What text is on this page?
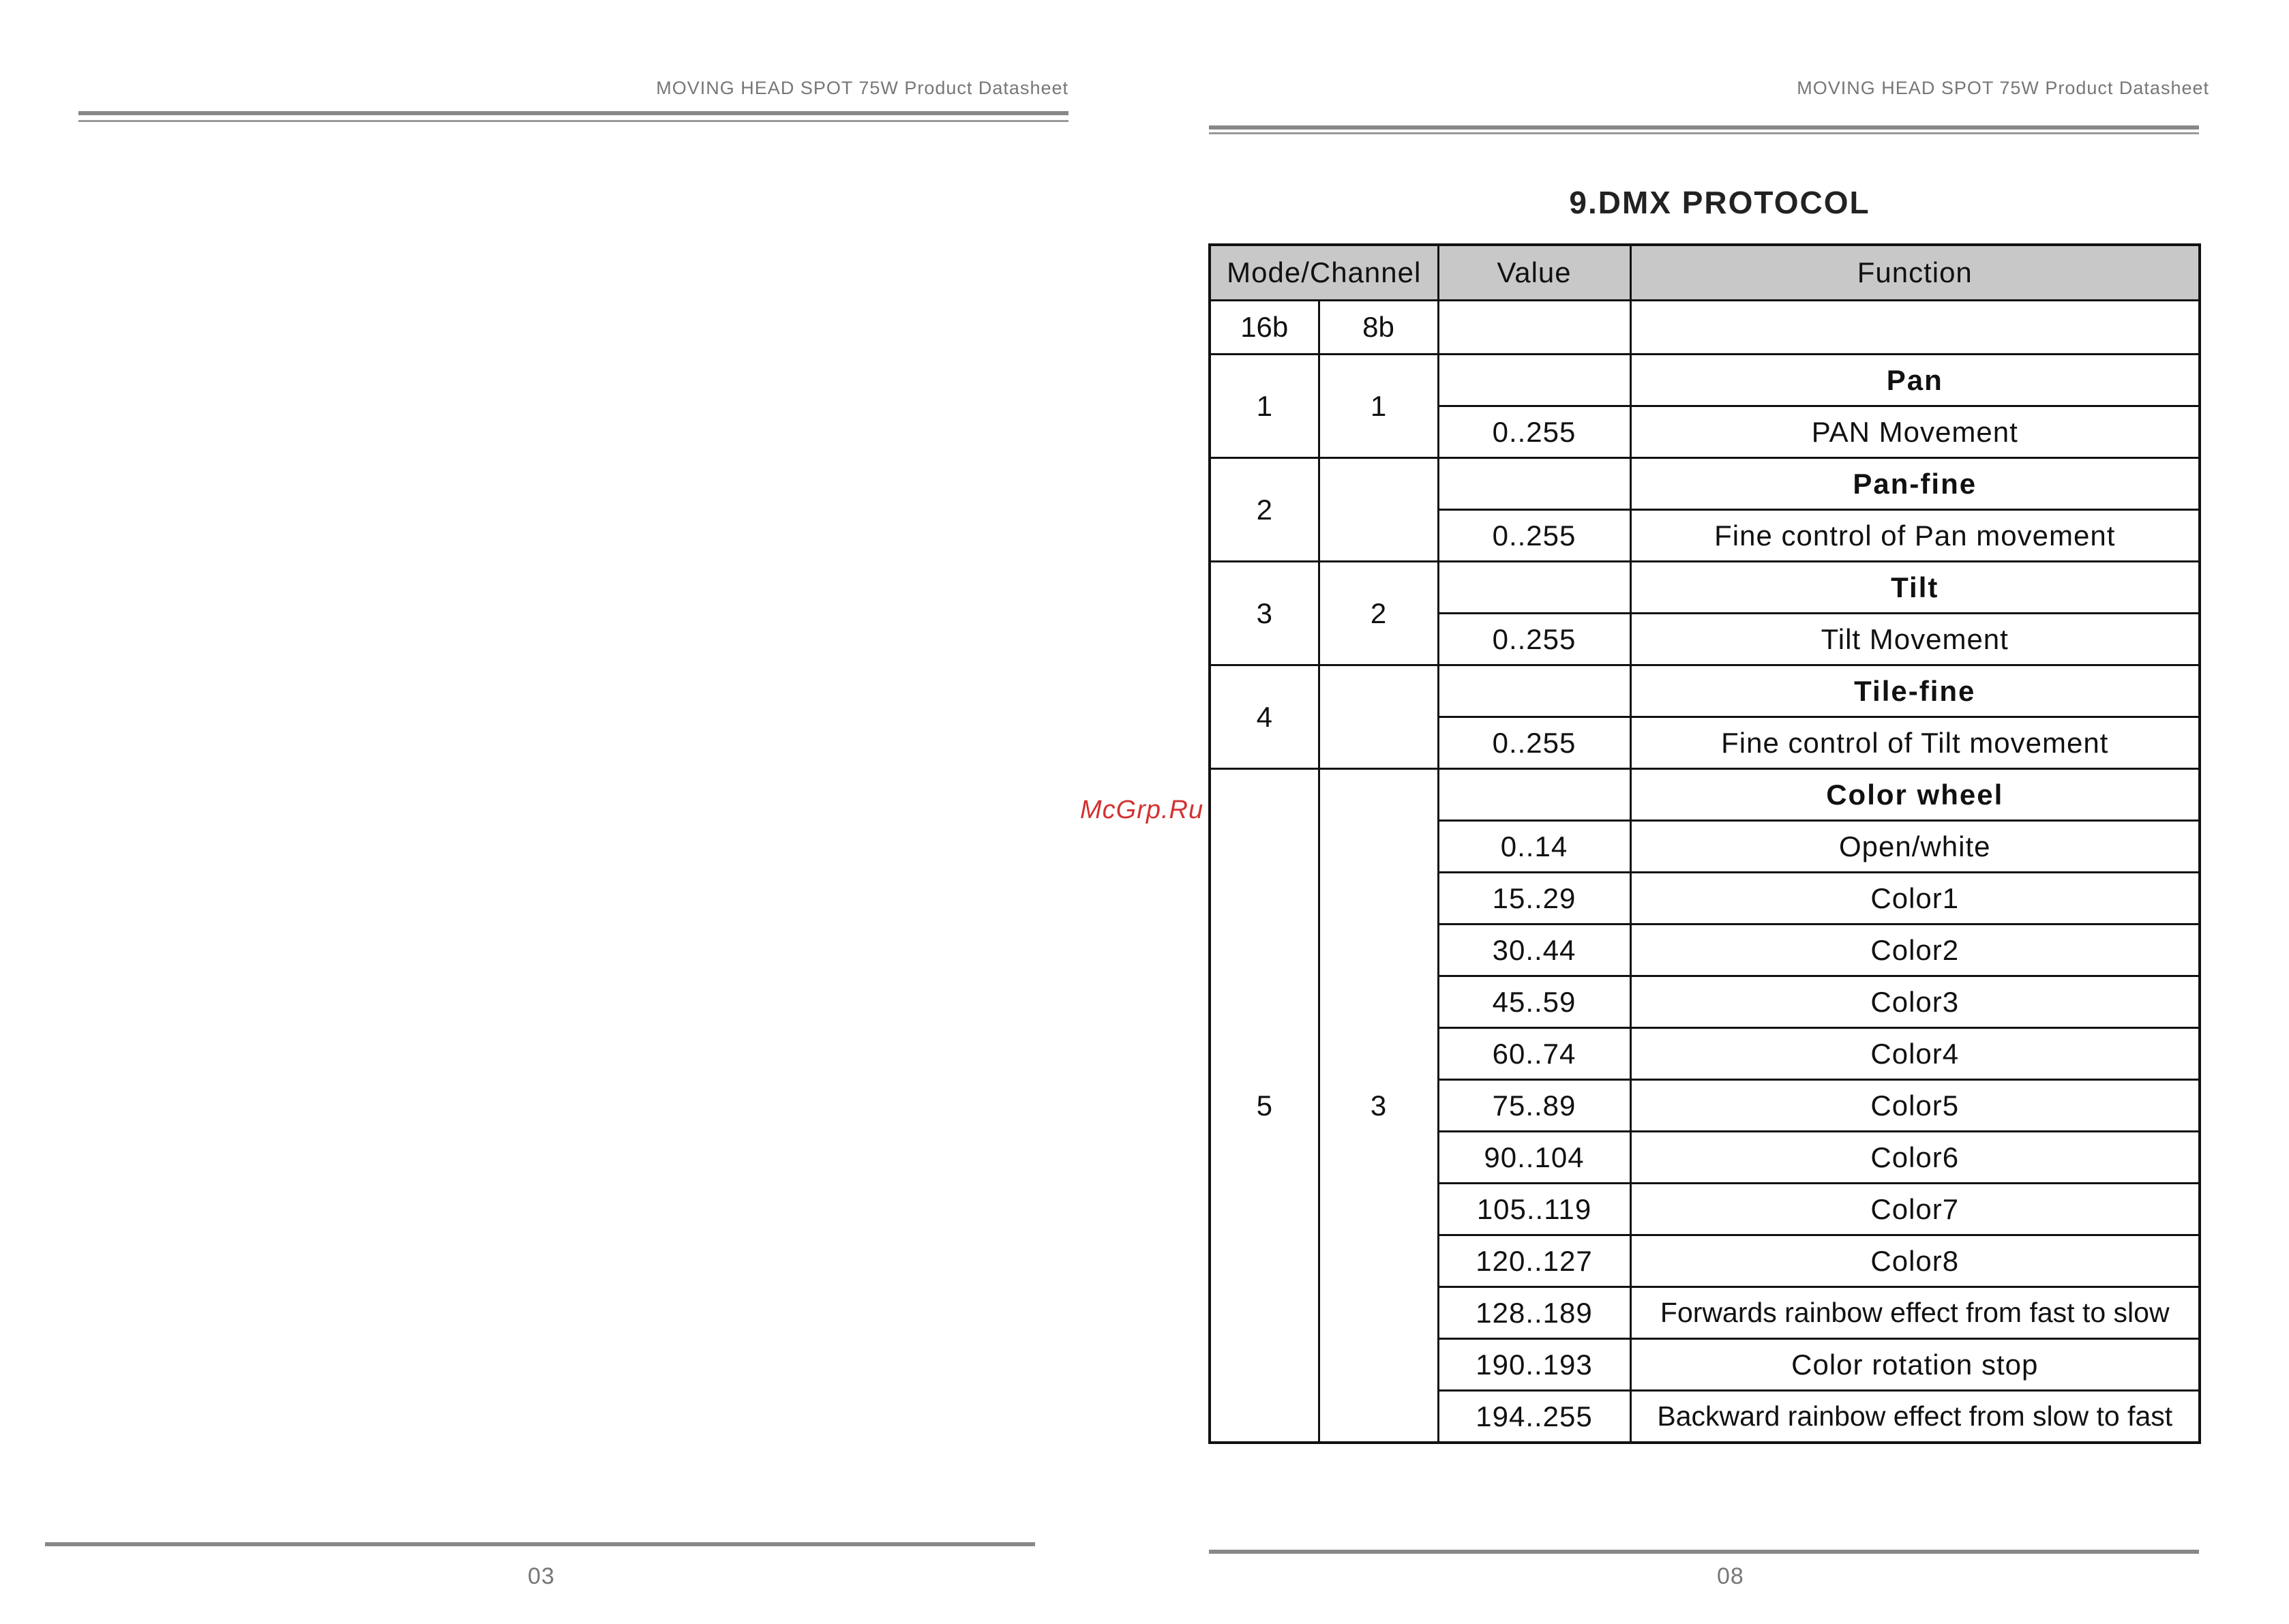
MOVING HEAD SPOT 75W Product Datasheet
03
McGrp.Ru
MOVING HEAD SPOT 75W Product Datasheet
9.DMX PROTOCOL
Mode/Channel		Value	Function
16b	8b		
1	1		Pan
		0..255	PAN Movement
2			Pan-fine
		0..255	Fine control of Pan movement
3	2		Tilt
		0..255	Tilt Movement
4			Tile-fine
		0..255	Fine control of Tilt movement
5	3		Color wheel
		0..14	Open/white
		15..29	Color1
		30..44	Color2
		45..59	Color3
		60..74	Color4
		75..89	Color5
		90..104	Color6
		105..119	Color7
		120..127	Color8
		128..189	Forwards rainbow effect from fast to slow
		190..193	Color rotation stop
		194..255	Backward rainbow effect from slow to fast
08
